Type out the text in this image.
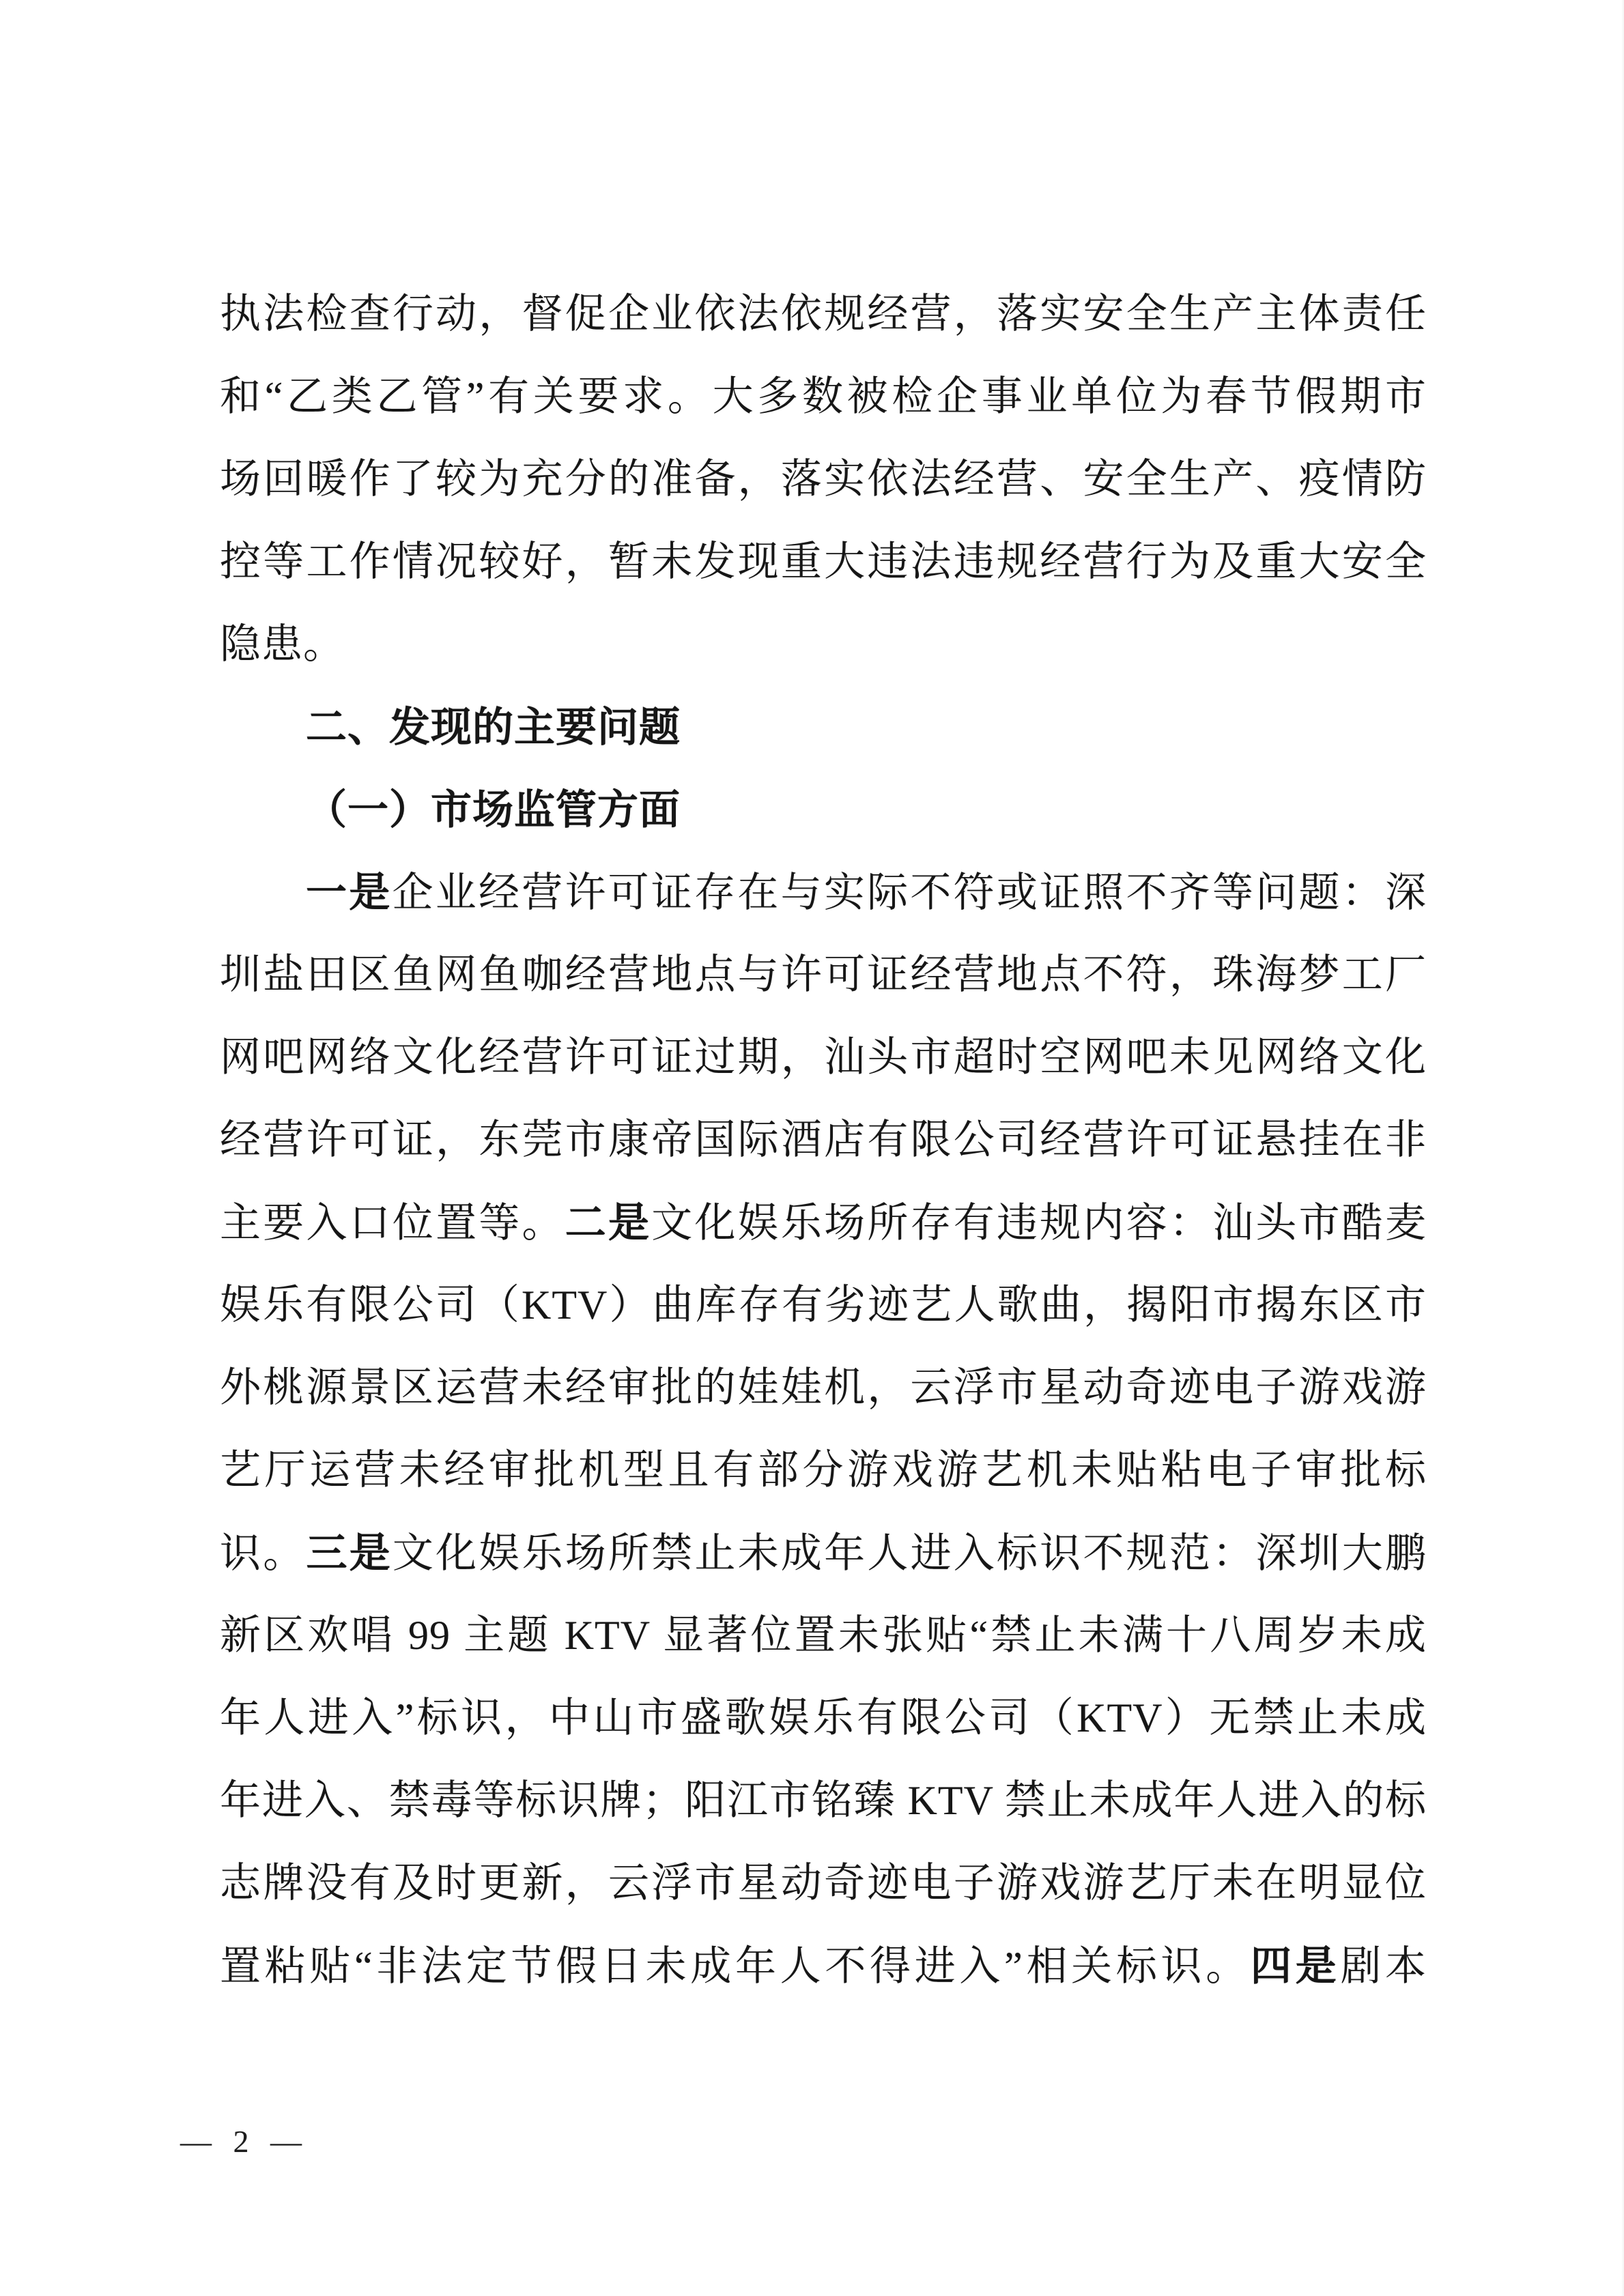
执法检查行动，督促企业依法依规经营，落实安全生产主体责任
和“乙类乙管”有关要求。大多数被检企事业单位为春节假期市
场回暖作了较为充分的准备，落实依法经营、安全生产、疫情防
控等工作情况较好，暂未发现重大违法违规经营行为及重大安全
隐患。
二、发现的主要问题
（一）市场监管方面
一是企业经营许可证存在与实际不符或证照不齐等问题：深
圳盐田区鱼网鱼咖经营地点与许可证经营地点不符，珠海梦工厂
网吧网络文化经营许可证过期，汕头市超时空网吧未见网络文化
经营许可证，东莞市康帝国际酒店有限公司经营许可证悬挂在非
主要入口位置等。二是文化娱乐场所存有违规内容：汕头市酷麦
娱乐有限公司（KTV）曲库存有劣迹艺人歌曲，揭阳市揭东区市
外桃源景区运营未经审批的娃娃机，云浮市星动奇迹电子游戏游
艺厅运营未经审批机型且有部分游戏游艺机未贴粘电子审批标
识。三是文化娱乐场所禁止未成年人进入标识不规范：深圳大鹏
新区欢唱 99 主题 KTV 显著位置未张贴“禁止未满十八周岁未成
年人进入”标识，中山市盛歌娱乐有限公司（KTV）无禁止未成
年进入、禁毒等标识牌；阳江市铭臻 KTV 禁止未成年人进入的标
志牌没有及时更新，云浮市星动奇迹电子游戏游艺厅未在明显位
置粘贴“非法定节假日未成年人不得进入”相关标识。四是剧本
— 2 —
